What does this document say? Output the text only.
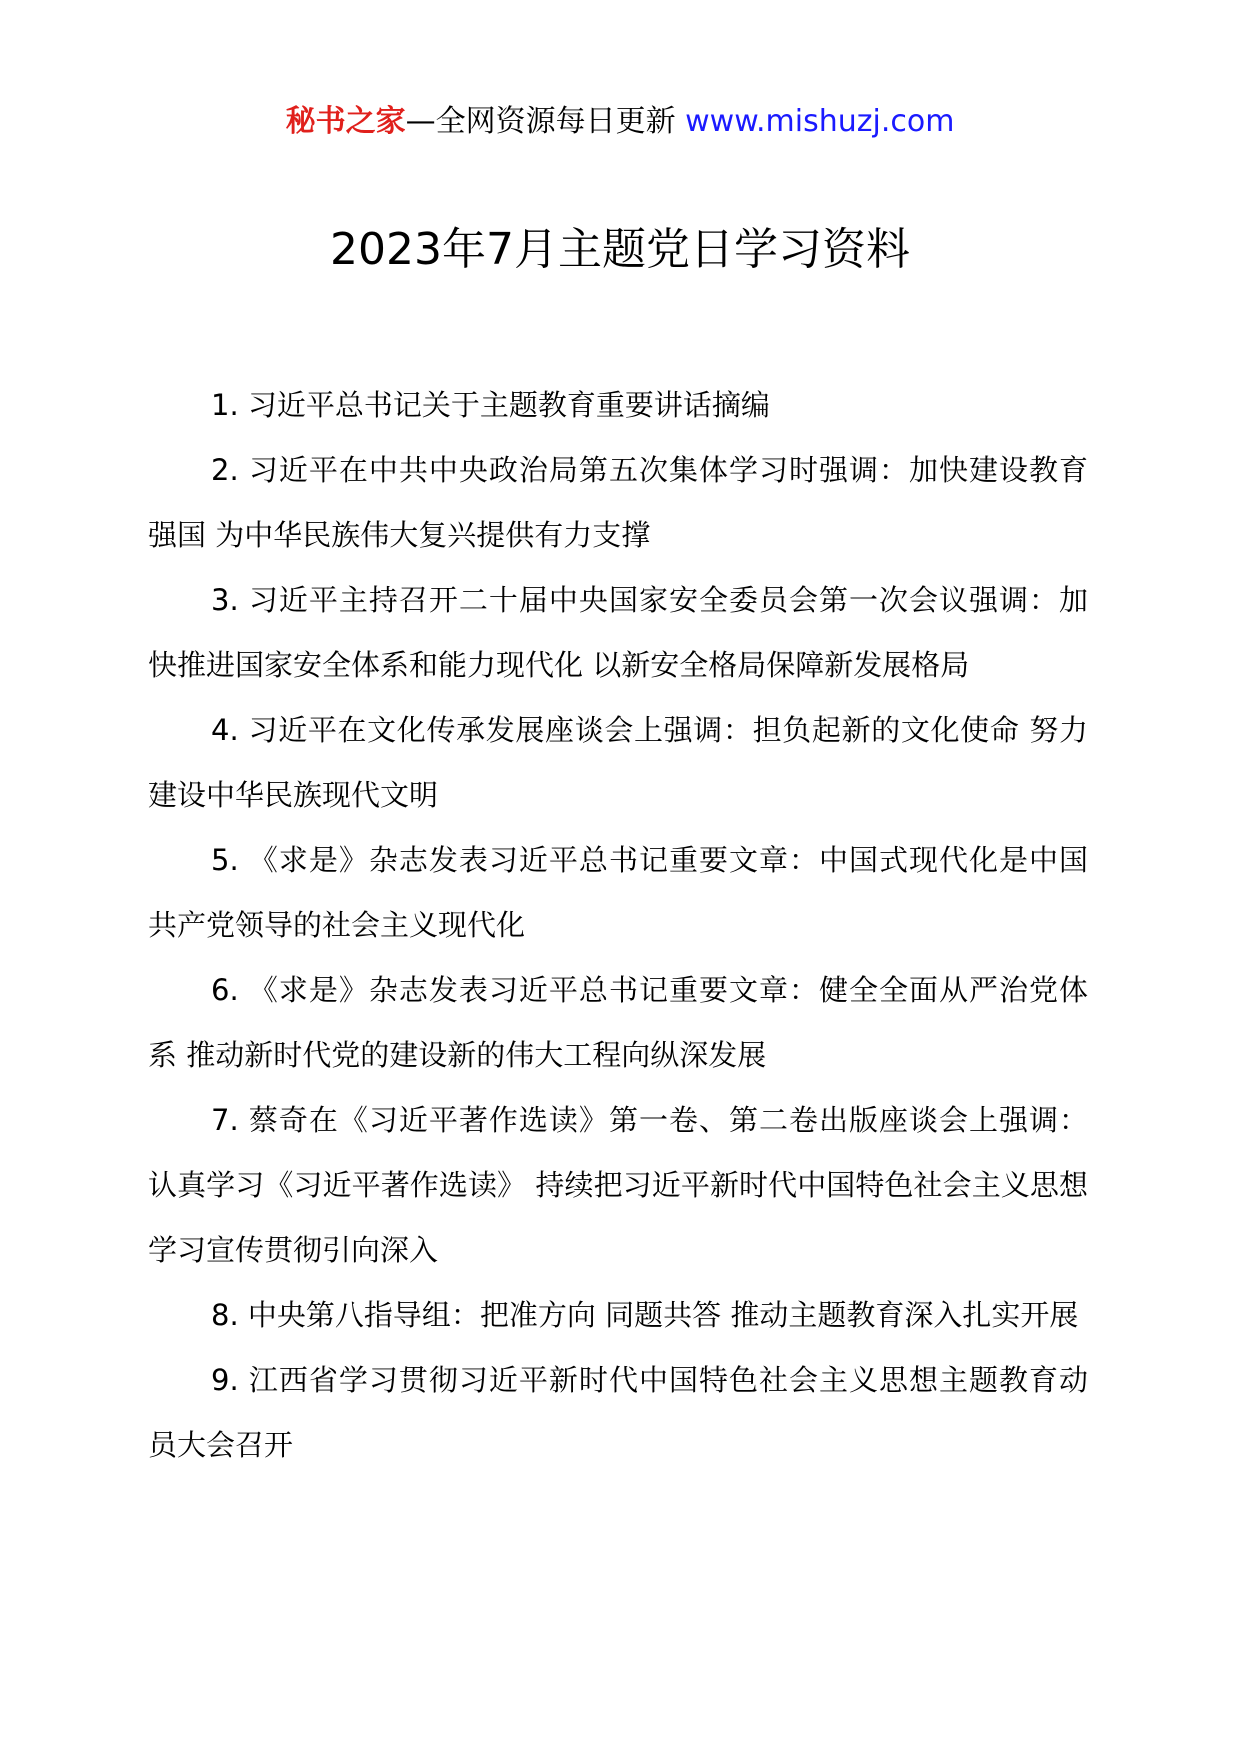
秘书之家—全网资源每日更新 www.mishuzj.com
2023年7月主题党日学习资料
1. 习近平总书记关于主题教育重要讲话摘编
2. 习近平在中共中央政治局第五次集体学习时强调：加快建设教育强国 为中华民族伟大复兴提供有力支撑
3. 习近平主持召开二十届中央国家安全委员会第一次会议强调：加快推进国家安全体系和能力现代化 以新安全格局保障新发展格局
4. 习近平在文化传承发展座谈会上强调：担负起新的文化使命 努力建设中华民族现代文明
5. 《求是》杂志发表习近平总书记重要文章：中国式现代化是中国共产党领导的社会主义现代化
6. 《求是》杂志发表习近平总书记重要文章：健全全面从严治党体系 推动新时代党的建设新的伟大工程向纵深发展
7. 蔡奇在《习近平著作选读》第一卷、第二卷出版座谈会上强调：认真学习《习近平著作选读》 持续把习近平新时代中国特色社会主义思想学习宣传贯彻引向深入
8. 中央第八指导组：把准方向 同题共答 推动主题教育深入扎实开展
9. 江西省学习贯彻习近平新时代中国特色社会主义思想主题教育动员大会召开
